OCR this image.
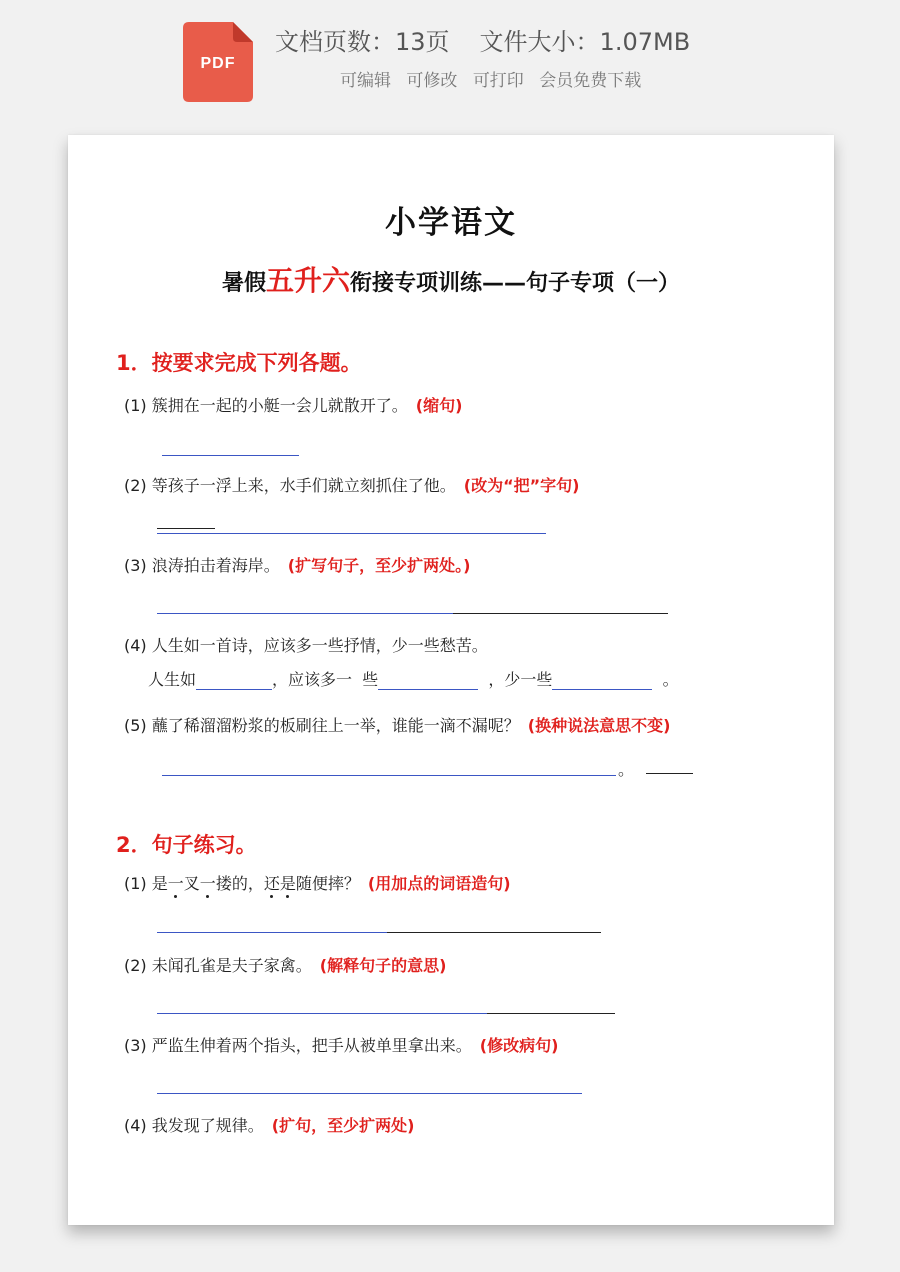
PDF
文档页数：13页 文件大小：1.07MB
可编辑 可修改 可打印 会员免费下载
小学语文
暑假五升六衔接专项训练——句子专项（一）
1．按要求完成下列各题。
(1) 簇拥在一起的小艇一会儿就散开了。 (缩句)
(2) 等孩子一浮上来，水手们就立刻抓住了他。 (改为“把”字句)
(3) 浪涛拍击着海岸。 (扩写句子，至少扩两处。)
(4) 人生如一首诗，应该多一些抒情，少一些愁苦。
人生如	，应该多一 些	，少一些	。
(5) 蘸了稀溜溜粉浆的板刷往上一举，谁能一滴不漏呢？ (换种说法意思不变)
。
2．句子练习。
(1) 是一叉一搂的，还是随便摔？ (用加点的词语造句)
(2) 未闻孔雀是夫子家禽。 (解释句子的意思)
(3) 严监生伸着两个指头，把手从被单里拿出来。 (修改病句)
(4) 我发现了规律。 (扩句，至少扩两处)
